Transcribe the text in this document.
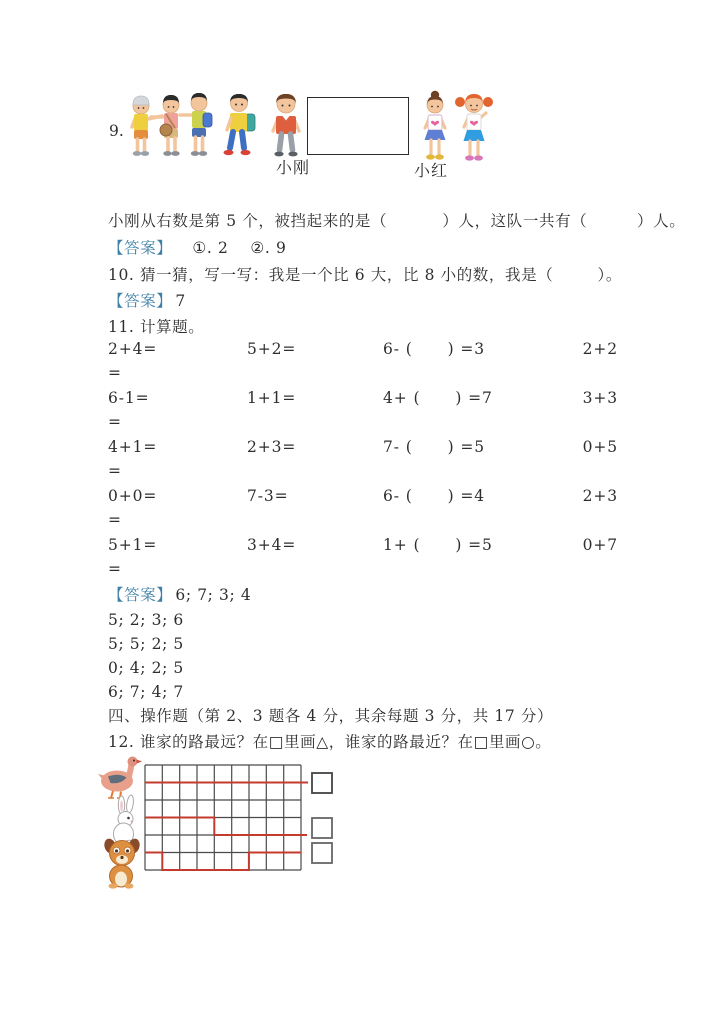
9.
小刚	小红
小刚从右数是第 5 个，被挡起来的是（          ）人，这队一共有（         ）人。
【答案】 ①. 2 ②. 9
10. 猜一猜，写一写：我是一个比 6 大，比 8 小的数，我是（        ）。
【答案】 7
11. 计算题。
2+4=	5+2=	6- (      ) =3	2+2
=
6-1=	1+1=	4+ (      ) =7	3+3
=
4+1=	2+3=	7- (      ) =5	0+5
=
0+0=	7-3=	6- (      ) =4	2+3
=
5+1=	3+4=	1+ (      ) =5	0+7
=
【答案】 6; 7; 3; 4
5; 2; 3; 6
5; 5; 2; 5
0; 4; 2; 5
6; 7; 4; 7
四、操作题（第 2、3 题各 4 分，其余每题 3 分，共 17 分）
12. 谁家的路最远？在□里画△，谁家的路最近？在□里画○。
